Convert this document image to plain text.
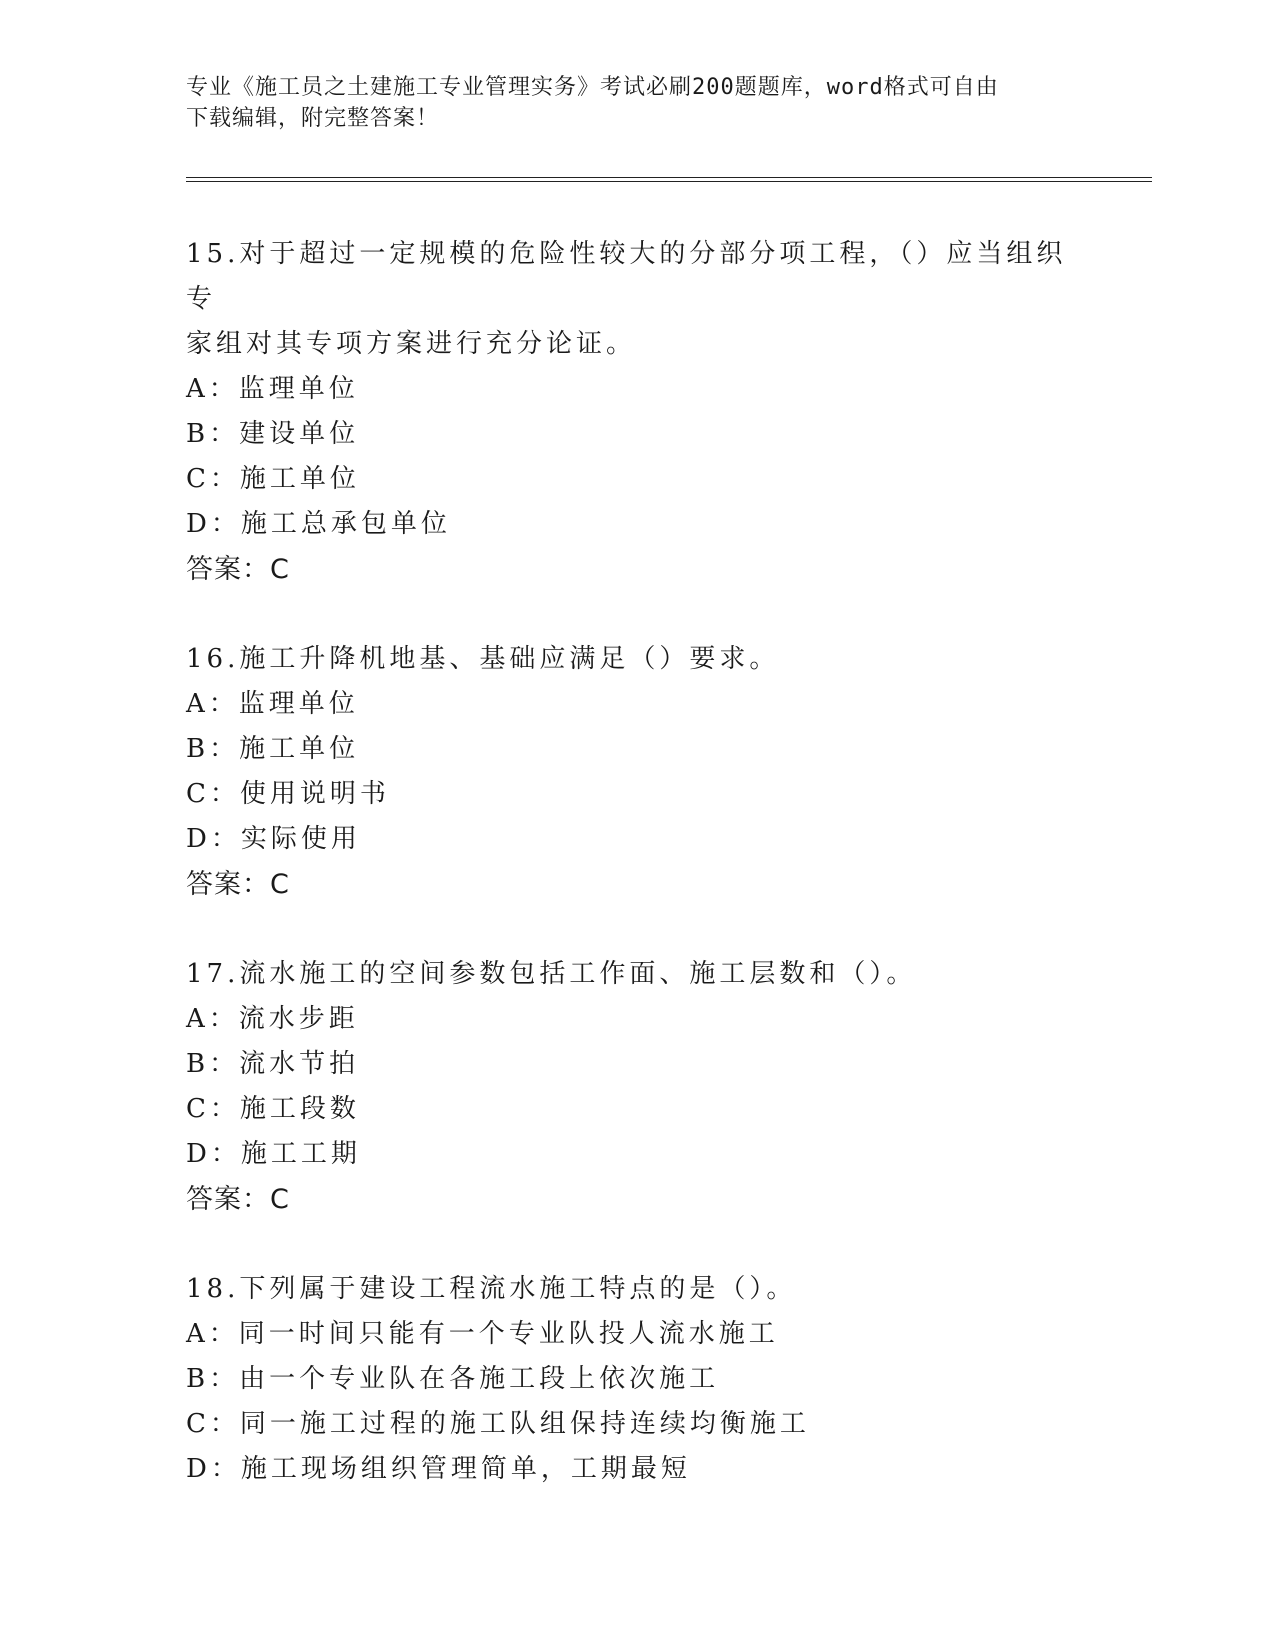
专业《施工员之土建施工专业管理实务》考试必刷200题题库，word格式可自由
下载编辑，附完整答案！

15.对于超过一定规模的危险性较大的分部分项工程，（）应当组织专
家组对其专项方案进行充分论证。

A：监理单位

B：建设单位

C：施工单位

D：施工总承包单位

答案：C

16.施工升降机地基、基础应满足（）要求。

A：监理单位

B：施工单位

C：使用说明书

D：实际使用

答案：C

17.流水施工的空间参数包括工作面、施工层数和（）。

A：流水步距

B：流水节拍

C：施工段数

D：施工工期

答案：C

18.下列属于建设工程流水施工特点的是（）。

A：同一时间只能有一个专业队投人流水施工

B：由一个专业队在各施工段上依次施工

C：同一施工过程的施工队组保持连续均衡施工

D：施工现场组织管理简单，工期最短
